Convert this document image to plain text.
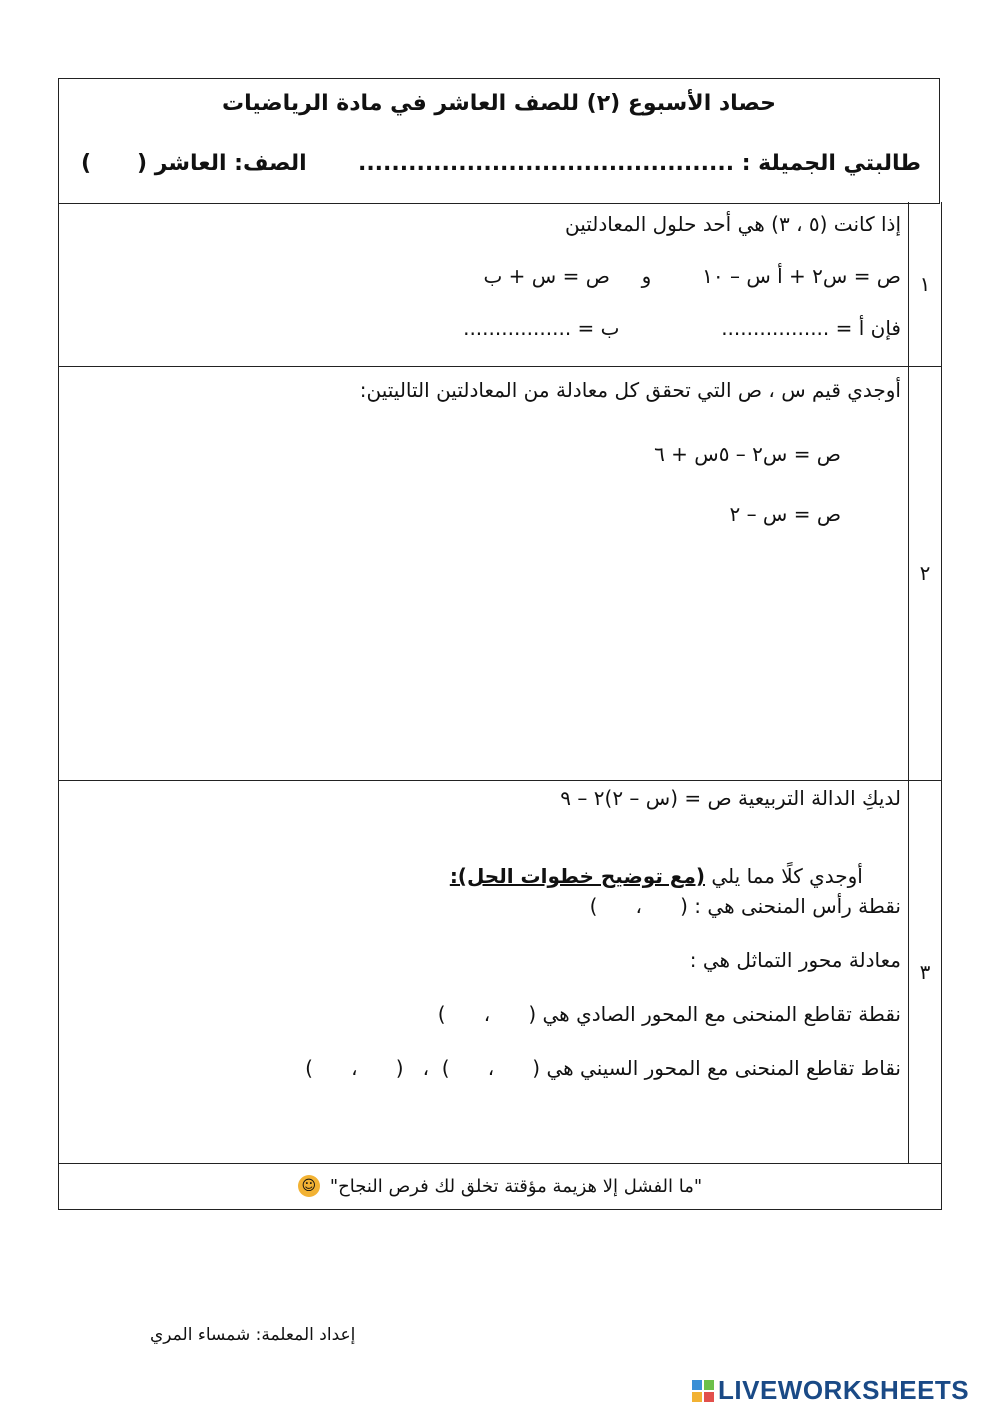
حصاد الأسبوع (٢) للصف العاشر في مادة الرياضيات
طالبتي الجميلة : .............................................
الصف: العاشر (      )
١
إذا كانت (٥ ، ٣) هي أحد حلول المعادلتين
ص = س٢ + أ س – ١٠        و     ص = س + ب
فإن أ = .................                ب = .................
٢
أوجدي قيم س ، ص التي تحقق كل معادلة من المعادلتين التاليتين:
ص = س٢ – ٥س + ٦
ص = س – ٢
٣
لديكِ الدالة التربيعية ص = (س – ٢)٢ – ٩

أوجدي كلًا مما يلي (مع توضيح خطوات الحل):

نقطة رأس المنحنى هي : (      ،      )
معادلة محور التماثل هي :
نقطة تقاطع المنحنى مع المحور الصادي هي (      ،      )
نقاط تقاطع المنحنى مع المحور السيني هي (      ،      )  ،   (      ،      )
"ما الفشل إلا هزيمة مؤقتة تخلق لك فرص النجاح"
☺
إعداد المعلمة: شمساء المري
LIVEWORKSHEETS
